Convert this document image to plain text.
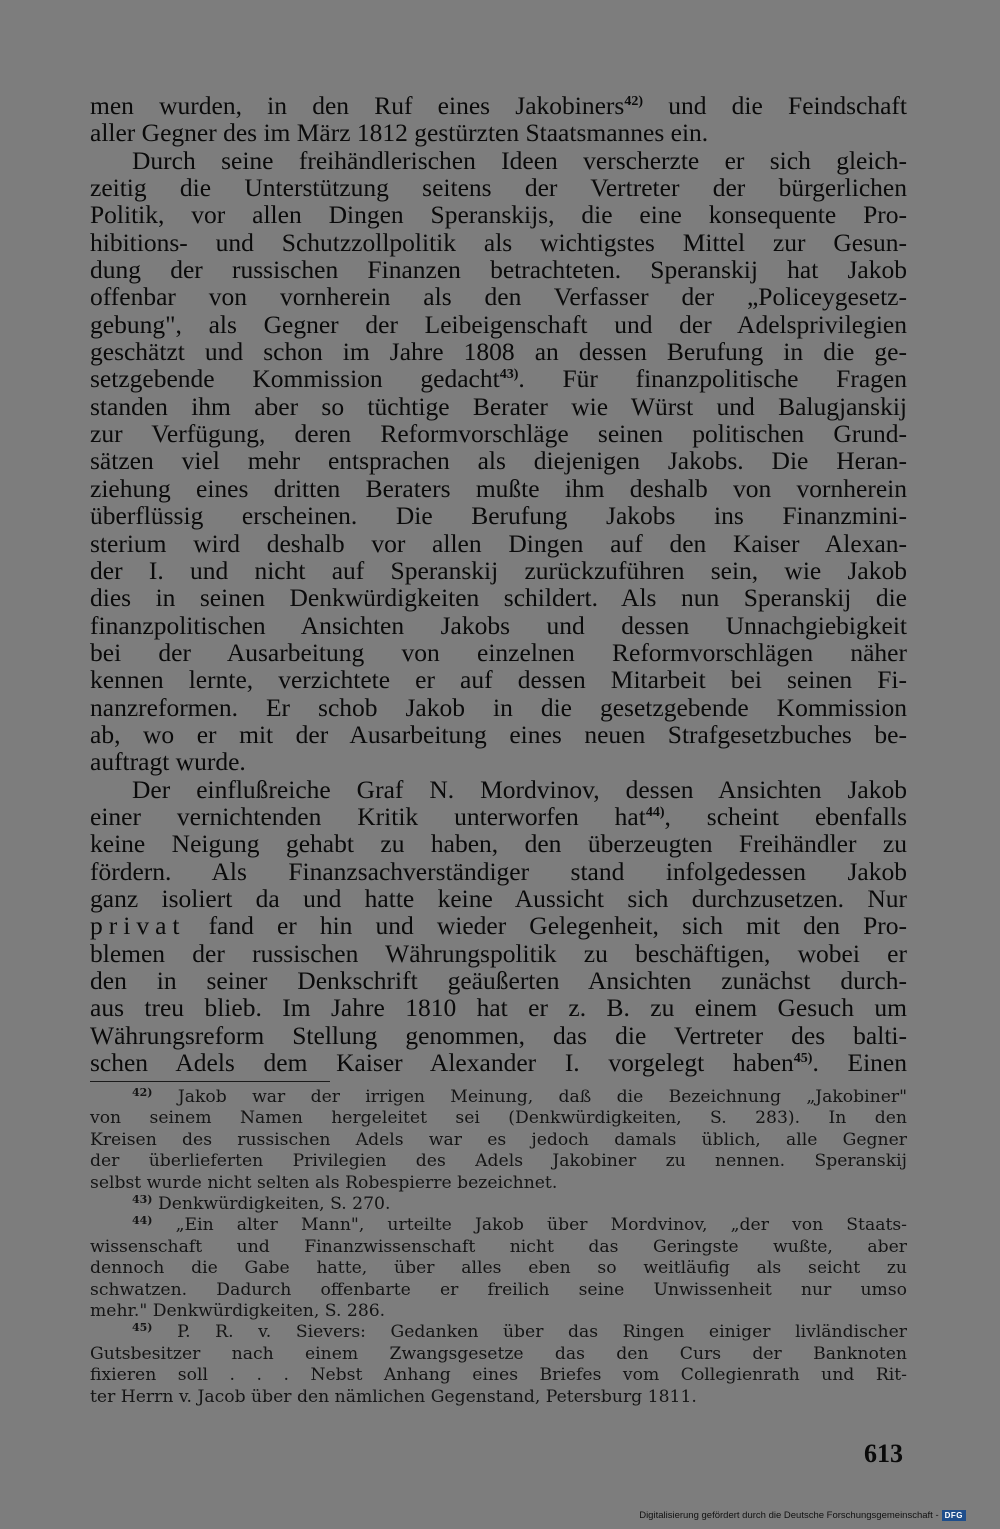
men wurden, in den Ruf eines Jakobiners$^{42)}$ und die Feindschaft
aller Gegner des im März 1812 gestürzten Staatsmannes ein.
Durch seine freihändlerischen Ideen verscherzte er sich gleich-
zeitig die Unterstützung seitens der Vertreter der bürgerlichen
Politik, vor allen Dingen Speranskijs, die eine konsequente Pro-
hibitions- und Schutzzollpolitik als wichtigstes Mittel zur Gesun-
dung der russischen Finanzen betrachteten. Speranskij hat Jakob
offenbar von vornherein als den Verfasser der „Policeygesetz-
gebung", als Gegner der Leibeigenschaft und der Adelsprivilegien
geschätzt und schon im Jahre 1808 an dessen Berufung in die ge-
setzgebende Kommission gedacht$^{43)}$. Für finanzpolitische Fragen
standen ihm aber so tüchtige Berater wie Würst und Balugjanskij
zur Verfügung, deren Reformvorschläge seinen politischen Grund-
sätzen viel mehr entsprachen als diejenigen Jakobs. Die Heran-
ziehung eines dritten Beraters mußte ihm deshalb von vornherein
überflüssig erscheinen. Die Berufung Jakobs ins Finanzmini-
sterium wird deshalb vor allen Dingen auf den Kaiser Alexan-
der I. und nicht auf Speranskij zurückzuführen sein, wie Jakob
dies in seinen Denkwürdigkeiten schildert. Als nun Speranskij die
finanzpolitischen Ansichten Jakobs und dessen Unnachgiebigkeit
bei der Ausarbeitung von einzelnen Reformvorschlägen näher
kennen lernte, verzichtete er auf dessen Mitarbeit bei seinen Fi-
nanzreformen. Er schob Jakob in die gesetzgebende Kommission
ab, wo er mit der Ausarbeitung eines neuen Strafgesetzbuches be-
auftragt wurde.
Der einflußreiche Graf N. Mordvinov, dessen Ansichten Jakob
einer vernichtenden Kritik unterworfen hat$^{44)}$, scheint ebenfalls
keine Neigung gehabt zu haben, den überzeugten Freihändler zu
fördern. Als Finanzsachverständiger stand infolgedessen Jakob
ganz isoliert da und hatte keine Aussicht sich durchzusetzen. Nur
privat fand er hin und wieder Gelegenheit, sich mit den Pro-
blemen der russischen Währungspolitik zu beschäftigen, wobei er
den in seiner Denkschrift geäußerten Ansichten zunächst durch-
aus treu blieb. Im Jahre 1810 hat er z. B. zu einem Gesuch um
Währungsreform Stellung genommen, das die Vertreter des balti-
schen Adels dem Kaiser Alexander I. vorgelegt haben$^{45)}$. Einen
$^{42)}$ Jakob war der irrigen Meinung, daß die Bezeichnung „Jakobiner"
von seinem Namen hergeleitet sei (Denkwürdigkeiten, S. 283). In den
Kreisen des russischen Adels war es jedoch damals üblich, alle Gegner
der überlieferten Privilegien des Adels Jakobiner zu nennen. Speranskij
selbst wurde nicht selten als Robespierre bezeichnet.
$^{43)}$ Denkwürdigkeiten, S. 270.
$^{44)}$ „Ein alter Mann", urteilte Jakob über Mordvinov, „der von Staats-
wissenschaft und Finanzwissenschaft nicht das Geringste wußte, aber
dennoch die Gabe hatte, über alles eben so weitläufig als seicht zu
schwatzen. Dadurch offenbarte er freilich seine Unwissenheit nur umso
mehr." Denkwürdigkeiten, S. 286.
$^{45)}$ P. R. v. Sievers: Gedanken über das Ringen einiger livländischer
Gutsbesitzer nach einem Zwangsgesetze das den Curs der Banknoten
fixieren soll . . . Nebst Anhang eines Briefes vom Collegienrath und Rit-
ter Herrn v. Jacob über den nämlichen Gegenstand, Petersburg 1811.
613
Digitalisierung gefördert durch die Deutsche Forschungsgemeinschaft - DFG
